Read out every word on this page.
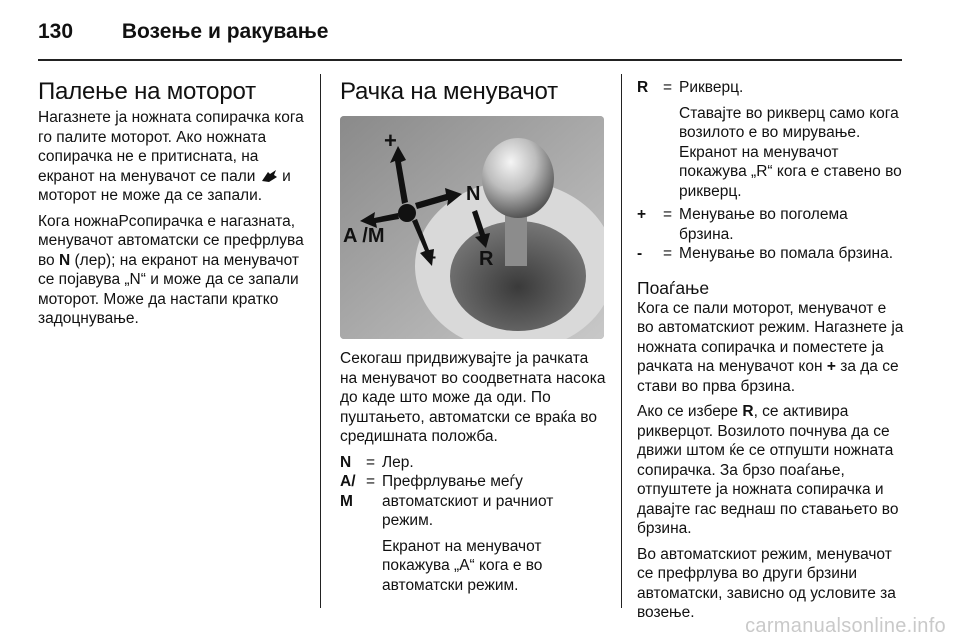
130 Возење и ракување
Палење на моторот

Нагазнете ја ножната сопирачка кога го палите моторот. Ако ножната сопирачка не е притисната, на екранот на менувачот се пали  и моторот не може да се запали.

Кога ножнаРсопирачка е нагазната, менувачот автоматски се префрлува во N (лер); на екранот на менувачот се појавува „N“ и може да се запали моторот. Може да настапи кратко задоцнување.

Рачка на менувачот
+
–
N
R
A /M

Секогаш придвижувајте ја рачката на менувачот во соодветната насока до каде што може да оди. По пуштањето, автоматски се враќа во средишната положба.

N = Лер.
A/
M
= Префрлување меѓу автоматскиот и рачниот режим.

Екранот на менувачот покажува „A“ кога е во автоматски режим.

R = Рикверц.

Ставајте во рикверц само кога возилото е во мирување. Екранот на менувачот покажува „R“ кога е ставено во рикверц.

+	= Менување во поголема брзина.
-	= Менување во помала брзина.
Поаѓање

Кога се пали моторот, менувачот е во автоматскиот режим. Нагазнете ја ножната сопирачка и поместете ја рачката на менувачот кон + за да се стави во прва брзина.

Ако се избере R, се активира рикверцот. Возилото почнува да се движи штом ќе се отпушти ножната сопирачка. За брзо поаѓање, отпуштете ја ножната сопирачка и давајте гас веднаш по ставањето во брзина.

Во автоматскиот режим, менувачот се префрлува во други брзини автоматски, зависно од условите за возење.

carmanualsonline.info
